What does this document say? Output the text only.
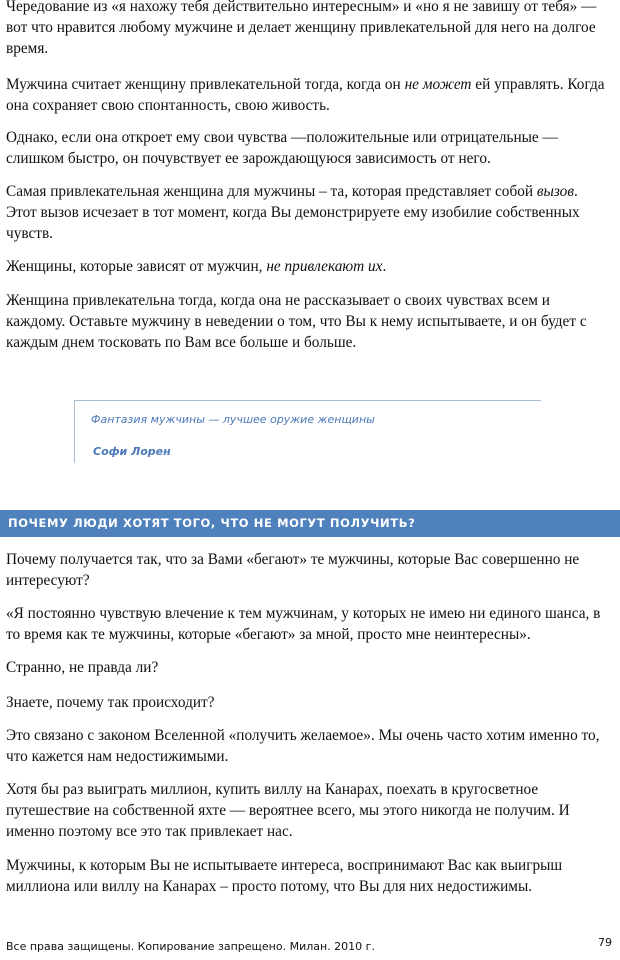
Чередование из «я нахожу тебя действительно интересным» и «но я не завишу от тебя» — вот что нравится любому мужчине и делает женщину привлекательной для него на долгое время.

Мужчина считает женщину привлекательной тогда, когда он не может ей управлять. Когда она сохраняет свою спонтанность, свою живость.

Однако, если она откроет ему свои чувства —положительные или отрицательные — слишком быстро, он почувствует ее зарождающуюся зависимость от него.

Самая привлекательная женщина для мужчины – та, которая представляет собой вызов. Этот вызов исчезает в тот момент, когда Вы демонстрируете ему изобилие собственных чувств.

Женщины, которые зависят от мужчин, не привлекают их.

Женщина привлекательна тогда, когда она не рассказывает о своих чувствах всем и каждому. Оставьте мужчину в неведении о том, что Вы к нему испытываете, и он будет с каждым днем тосковать по Вам все больше и больше.

Фантазия мужчины — лучшее оружие женщины

Софи Лорен

ПОЧЕМУ ЛЮДИ ХОТЯТ ТОГО, ЧТО НЕ МОГУТ ПОЛУЧИТЬ?

Почему получается так, что за Вами «бегают» те мужчины, которые Вас совершенно не интересуют?

«Я постоянно чувствую влечение к тем мужчинам, у которых не имею ни единого шанса, в то время как те мужчины, которые «бегают» за мной, просто мне неинтересны».

Странно, не правда ли?

Знаете, почему так происходит?

Это связано с законом Вселенной «получить желаемое». Мы очень часто хотим именно то, что кажется нам недостижимыми.

Хотя бы раз выиграть миллион, купить виллу на Канарах, поехать в кругосветное путешествие на собственной яхте — вероятнее всего, мы этого никогда не получим. И именно поэтому все это так привлекает нас.

Мужчины, к которым Вы не испытываете интереса, воспринимают Вас как выигрыш миллиона или виллу на Канарах – просто потому, что Вы для них недостижимы.

Все права защищены. Копирование запрещено. Милан. 2010 г.	79
